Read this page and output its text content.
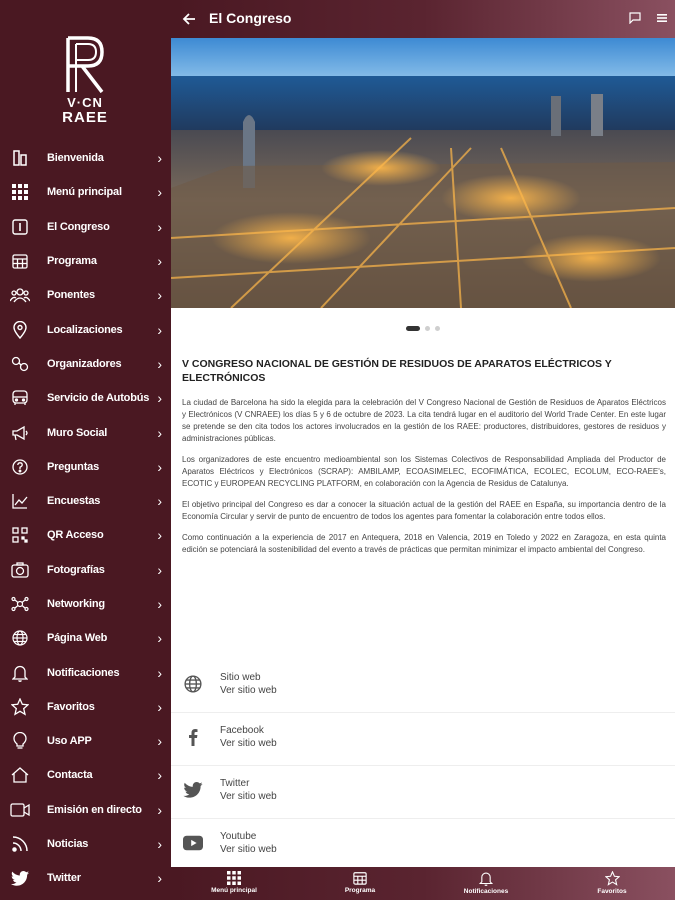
V·CN
RAEE
Bienvenida	›
Menú principal	›
El Congreso	›
Programa	›
Ponentes	›
Localizaciones ›
Organizadores	›
Servicio de Autobús ›
Muro Social	›
Preguntas	›
Encuestas	›
QR Acceso	›
Fotografías	›
Networking	›
Página Web	›
Notificaciones	›
Favoritos	›
Uso APP	›
Contacta	›
Emisión en directo ›
Noticias	›
Twitter	›
El Congreso
V CONGRESO NACIONAL DE GESTIÓN DE RESIDUOS DE APARATOS ELÉCTRICOS Y ELECTRÓNICOS

La ciudad de Barcelona ha sido la elegida para la celebración del V Congreso Nacional de Gestión de Residuos de Aparatos Eléctricos y Electrónicos (V CNRAEE) los días 5 y 6 de octubre de 2023. La cita tendrá lugar en el auditorio del World Trade Center. En este lugar se pretende se den cita todos los actores involucrados en la gestión de los RAEE: productores, distribuidores, gestores de residuos y administraciones públicas.

Los organizadores de este encuentro medioambiental son los Sistemas Colectivos de Responsabilidad Ampliada del Productor de Aparatos Eléctricos y Electrónicos (SCRAP): AMBILAMP, ECOASIMELEC, ECOFIMÁTICA, ECOLEC, ECOLUM, ECO-RAEE's, ECOTIC y EUROPEAN RECYCLING PLATFORM, en colaboración con la Agencia de Residus de Catalunya.

El objetivo principal del Congreso es dar a conocer la situación actual de la gestión del RAEE en España, su importancia dentro de la Economía Circular y servir de punto de encuentro de todos los agentes para fomentar la colaboración entre todos ellos.

Como continuación a la experiencia de 2017 en Antequera, 2018 en Valencia, 2019 en Toledo y 2022 en Zaragoza, en esta quinta edición se potenciará la sostenibilidad del evento a través de prácticas que permitan minimizar el impacto ambiental del Congreso.

Sitio web
Ver sitio web
Facebook
Ver sitio web
Twitter
Ver sitio web
Youtube
Ver sitio web
Menú principal	Programa	Notificaciones	Favoritos
